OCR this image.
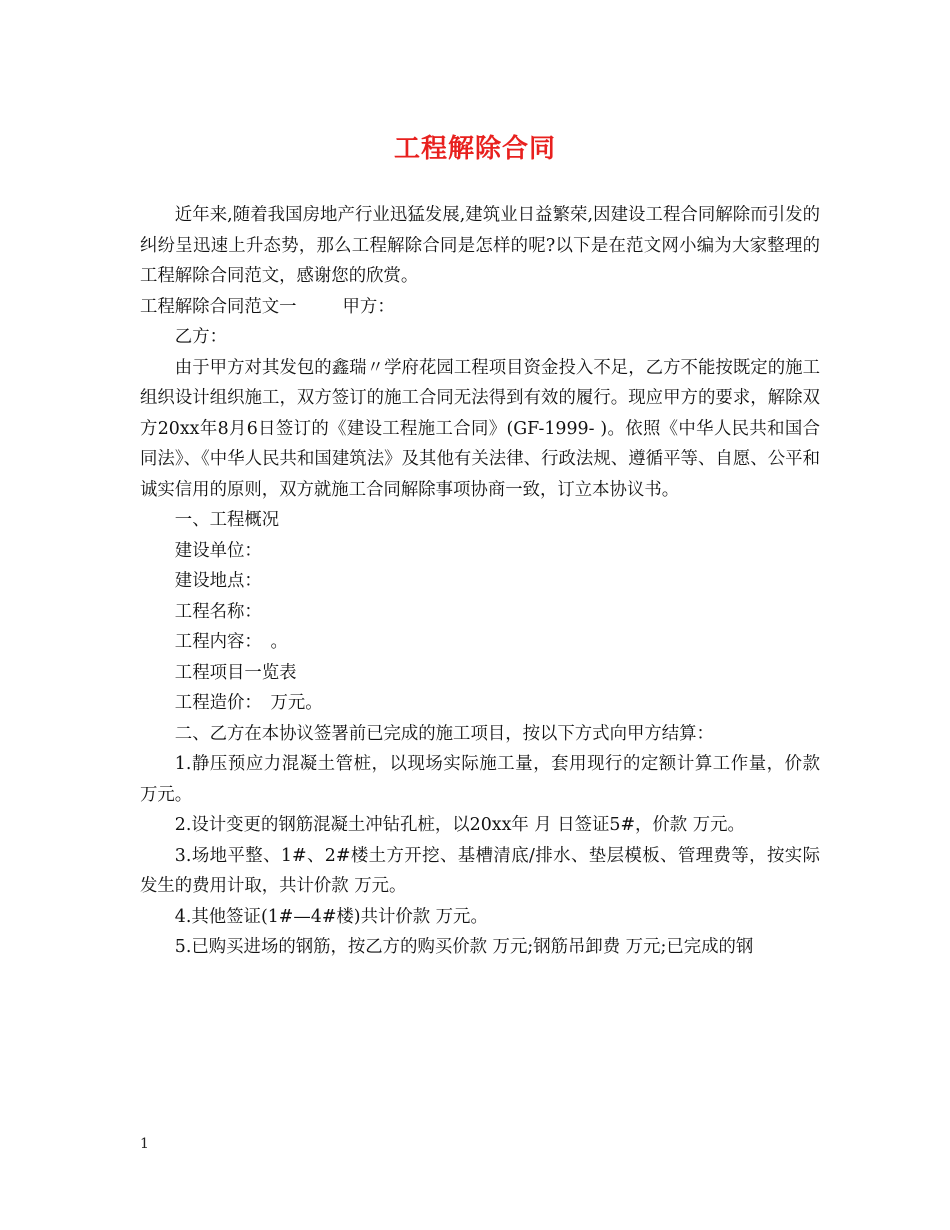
工程解除合同

近年来,随着我国房地产行业迅猛发展,建筑业日益繁荣,因建设工程合同解除而引发的纠纷呈迅速上升态势，那么工程解除合同是怎样的呢?以下是在范文网小编为大家整理的工程解除合同范文，感谢您的欣赏。

工程解除合同范文一	甲方：

乙方：

由于甲方对其发包的鑫瑞〃学府花园工程项目资金投入不足，乙方不能按既定的施工组织设计组织施工，双方签订的施工合同无法得到有效的履行。现应甲方的要求，解除双方20xx年8月6日签订的《建设工程施工合同》(GF-1999- )。依照《中华人民共和国合同法》、《中华人民共和国建筑法》及其他有关法律、行政法规、遵循平等、自愿、公平和诚实信用的原则，双方就施工合同解除事项协商一致，订立本协议书。

一、工程概况

建设单位：

建设地点：

工程名称：

工程内容：　。

工程项目一览表

工程造价：　万元。

二、乙方在本协议签署前已完成的施工项目，按以下方式向甲方结算：

1.静压预应力混凝土管桩，以现场实际施工量，套用现行的定额计算工作量，价款 万元。

2.设计变更的钢筋混凝土冲钻孔桩，以20xx年 月 日签证5#，价款 万元。

3.场地平整、1#、2#楼土方开挖、基槽清底/排水、垫层模板、管理费等，按实际发生的费用计取，共计价款 万元。

4.其他签证(1#—4#楼)共计价款 万元。

5.已购买进场的钢筋，按乙方的购买价款 万元;钢筋吊卸费 万元;已完成的钢

1
